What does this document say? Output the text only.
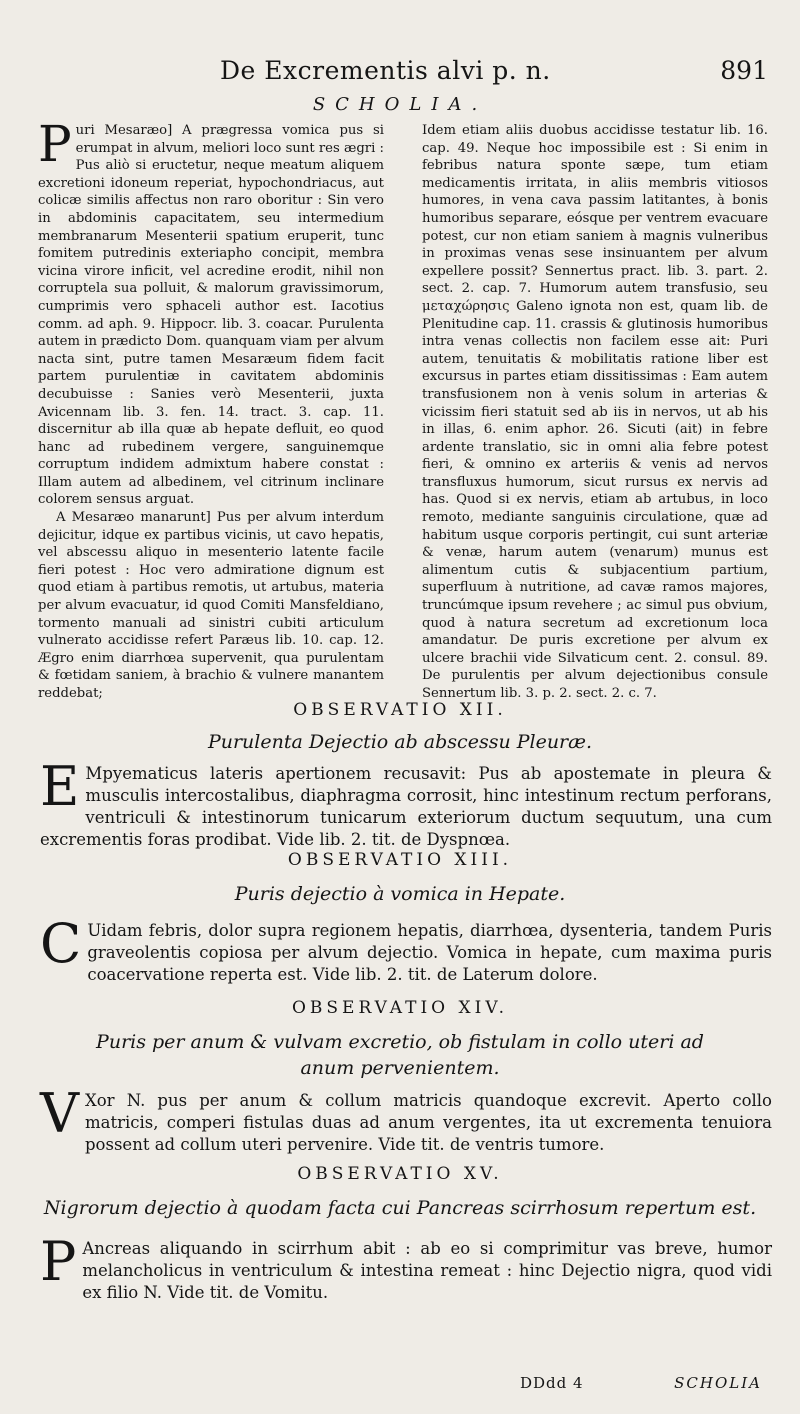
De Excrementis alvi p. n.	891
SCHOLIA.

Puri Mesaræo] A prægressa vomica pus si erumpat in alvum, meliori loco sunt res ægri : Pus aliò si eructetur, neque meatum aliquem excretioni idoneum reperiat, hypochondriacus, aut colicæ similis affectus non raro oboritur : Sin vero in abdominis capacitatem, seu intermedium membranarum Mesenterii spatium eruperit, tunc fomitem putredinis exteriapho concipit, membra vicina virore inficit, vel acredine erodit, nihil non corruptela sua polluit, & malorum gravissimorum, cumprimis vero sphaceli author est. Iacotius comm. ad aph. 9. Hippocr. lib. 3. coacar. Purulenta autem in prædicto Dom. quanquam viam per alvum nacta sint, putre tamen Mesaræum fidem facit partem purulentiæ in cavitatem abdominis decubuisse : Sanies verò Mesenterii, juxta Avicennam lib. 3. fen. 14. tract. 3. cap. 11. discernitur ab illa quæ ab hepate defluit, eo quod hanc ad rubedinem vergere, sanguinemque corruptum indidem admixtum habere constat : Illam autem ad albedinem, vel citrinum inclinare colorem sensus arguat.

A Mesaræo manarunt] Pus per alvum interdum dejicitur, idque ex partibus vicinis, ut cavo hepatis, vel abscessu aliquo in mesenterio latente facile fieri potest : Hoc vero admiratione dignum est quod etiam à partibus remotis, ut artubus, materia per alvum evacuatur, id quod Comiti Mansfeldiano, tormento manuali ad sinistri cubiti articulum vulnerato accidisse refert Paræus lib. 10. cap. 12. Ægro enim diarrhœa supervenit, qua purulentam & fœtidam saniem, à brachio & vulnere manantem reddebat;

Idem etiam aliis duobus accidisse testatur lib. 16. cap. 49. Neque hoc impossibile est : Si enim in febribus natura sponte sæpe, tum etiam medicamentis irritata, in aliis membris vitiosos humores, in vena cava passim latitantes, à bonis humoribus separare, eósque per ventrem evacuare potest, cur non etiam saniem à magnis vulneribus in proximas venas sese insinuantem per alvum expellere possit? Sennertus pract. lib. 3. part. 2. sect. 2. cap. 7. Humorum autem transfusio, seu μεταχώρησις Galeno ignota non est, quam lib. de Plenitudine cap. 11. crassis & glutinosis humoribus intra venas collectis non facilem esse ait: Puri autem, tenuitatis & mobilitatis ratione liber est excursus in partes etiam dissitissimas : Eam autem transfusionem non à venis solum in arterias & vicissim fieri statuit sed ab iis in nervos, ut ab his in illas, 6. enim aphor. 26. Sicuti (ait) in febre ardente translatio, sic in omni alia febre potest fieri, & omnino ex arteriis & venis ad nervos transfluxus humorum, sicut rursus ex nervis ad has. Quod si ex nervis, etiam ab artubus, in loco remoto, mediante sanguinis circulatione, quæ ad habitum usque corporis pertingit, cui sunt arteriæ & venæ, harum autem (venarum) munus est alimentum cutis & subjacentium partium, superfluum à nutritione, ad cavæ ramos majores, truncúmque ipsum revehere ; ac simul pus obvium, quod à natura secretum ad excretionum loca amandatur. De puris excretione per alvum ex ulcere brachii vide Silvaticum cent. 2. consul. 89. De purulentis per alvum dejectionibus consule Sennertum lib. 3. p. 2. sect. 2. c. 7.

OBSERVATIO XII.
Purulenta Dejectio ab abscessu Pleuræ.

E Mpyematicus lateris apertionem recusavit: Pus ab apostemate in pleura & musculis intercostalibus, diaphragma corrosit, hinc intestinum rectum perforans, ventriculi & intestinorum tunicarum exteriorum ductum sequutum, una cum excrementis foras prodibat. Vide lib. 2. tit. de Dyspnœa.

OBSERVATIO XIII.
Puris dejectio à vomica in Hepate.

C Uidam febris, dolor supra regionem hepatis, diarrhœa, dysenteria, tandem Puris graveolentis copiosa per alvum dejectio. Vomica in hepate, cum maxima puris coacervatione reperta est. Vide lib. 2. tit. de Laterum dolore.

OBSERVATIO XIV.
Puris per anum & vulvam excretio, ob fistulam in collo uteri ad anum pervenientem.

V Xor N. pus per anum & collum matricis quandoque excrevit. Aperto collo matricis, comperi fistulas duas ad anum vergentes, ita ut excrementa tenuiora possent ad collum uteri pervenire. Vide tit. de ventris tumore.

OBSERVATIO XV.
Nigrorum dejectio à quodam facta cui Pancreas scirrhosum repertum est.

P Ancreas aliquando in scirrhum abit : ab eo si comprimitur vas breve, humor melancholicus in ventriculum & intestina remeat : hinc Dejectio nigra, quod vidi ex filio N. Vide tit. de Vomitu.

DDdd 4	SCHOLIA
